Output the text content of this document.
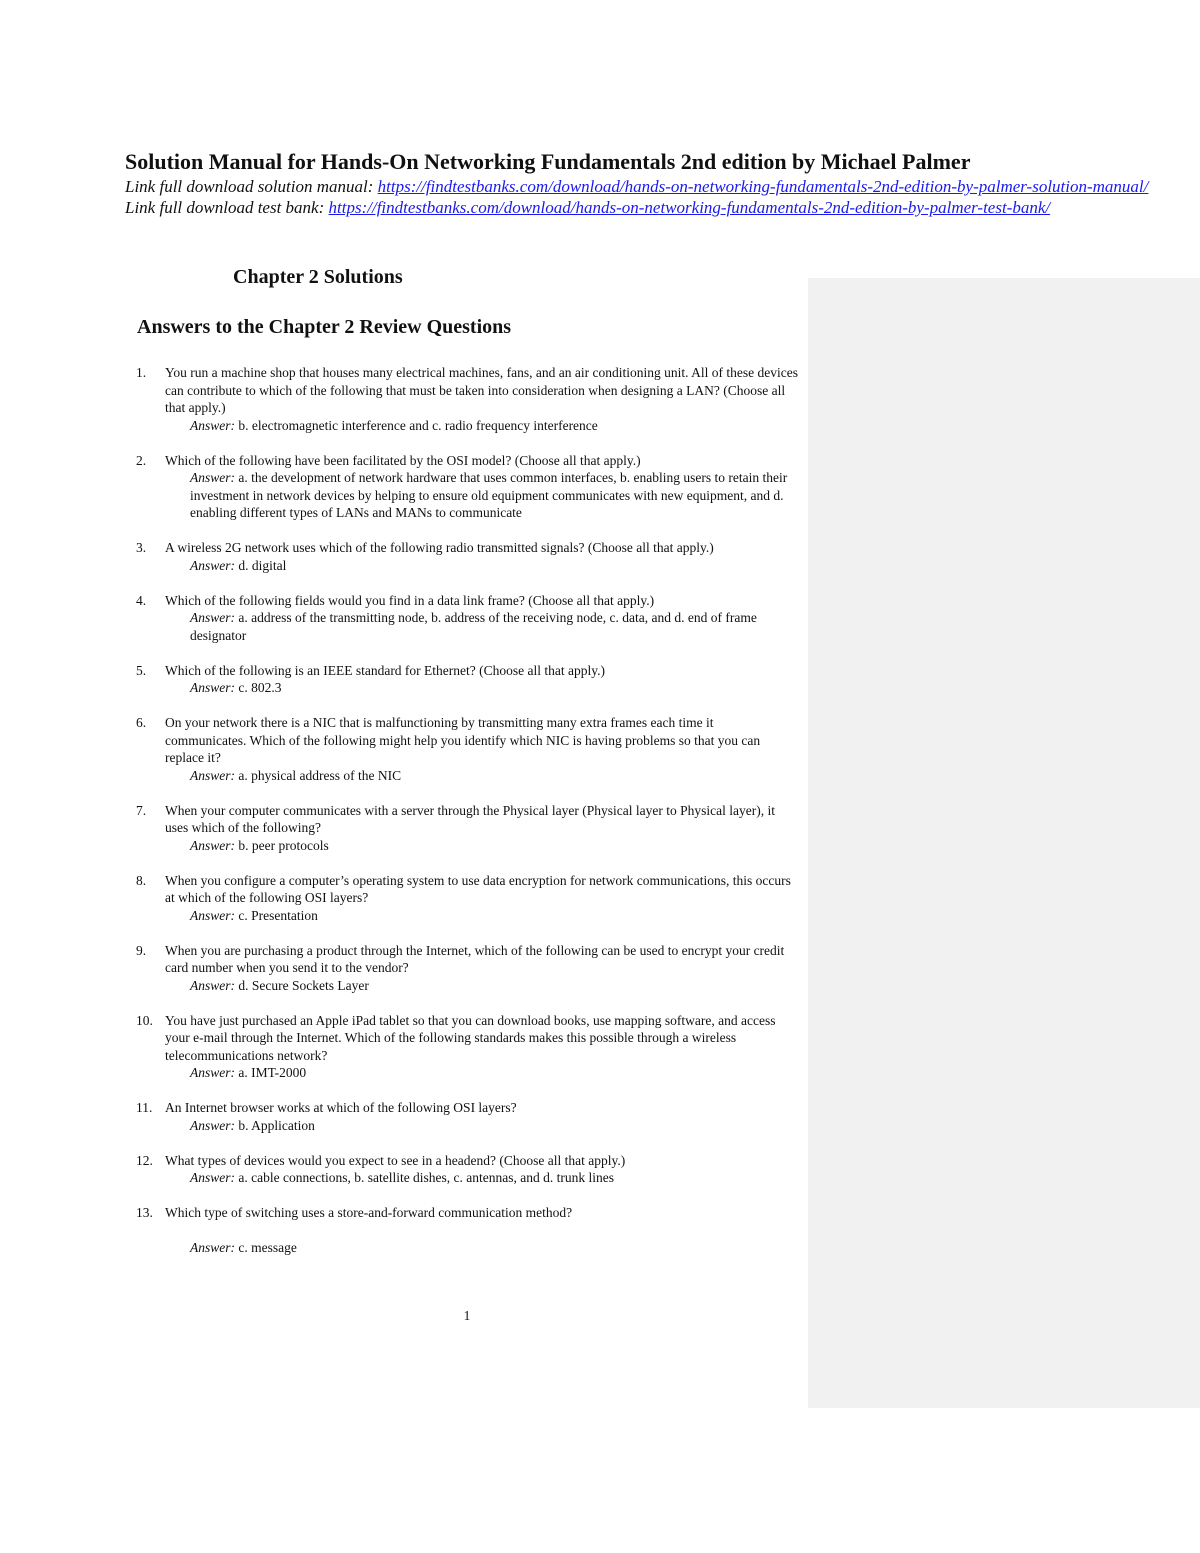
Solution Manual for Hands-On Networking Fundamentals 2nd edition by Michael Palmer

Link full download solution manual: https://findtestbanks.com/download/hands-on-networking-fundamentals-2nd-edition-by-palmer-solution-manual/

Link full download test bank: https://findtestbanks.com/download/hands-on-networking-fundamentals-2nd-edition-by-palmer-test-bank/

Chapter 2 Solutions
Answers to the Chapter 2 Review Questions
1. You run a machine shop that houses many electrical machines, fans, and an air conditioning unit. All of these devices can contribute to which of the following that must be taken into consideration when designing a LAN? (Choose all that apply.)
Answer: b. electromagnetic interference and c. radio frequency interference
2. Which of the following have been facilitated by the OSI model? (Choose all that apply.)
Answer: a. the development of network hardware that uses common interfaces, b. enabling users to retain their investment in network devices by helping to ensure old equipment communicates with new equipment, and d. enabling different types of LANs and MANs to communicate
3. A wireless 2G network uses which of the following radio transmitted signals? (Choose all that apply.)
Answer: d. digital
4. Which of the following fields would you find in a data link frame? (Choose all that apply.)
Answer: a. address of the transmitting node, b. address of the receiving node, c. data, and d. end of frame designator
5. Which of the following is an IEEE standard for Ethernet? (Choose all that apply.)
Answer: c. 802.3
6. On your network there is a NIC that is malfunctioning by transmitting many extra frames each time it communicates. Which of the following might help you identify which NIC is having problems so that you can replace it?
Answer: a. physical address of the NIC
7. When your computer communicates with a server through the Physical layer (Physical layer to Physical layer), it uses which of the following?
Answer: b. peer protocols
8. When you configure a computer’s operating system to use data encryption for network communications, this occurs at which of the following OSI layers?
Answer: c. Presentation
9. When you are purchasing a product through the Internet, which of the following can be used to encrypt your credit card number when you send it to the vendor?
Answer: d. Secure Sockets Layer
10. You have just purchased an Apple iPad tablet so that you can download books, use mapping software, and access your e-mail through the Internet. Which of the following standards makes this possible through a wireless telecommunications network?
Answer: a. IMT-2000
11. An Internet browser works at which of the following OSI layers?
Answer: b. Application
12. What types of devices would you expect to see in a headend? (Choose all that apply.)
Answer: a. cable connections, b. satellite dishes, c. antennas, and d. trunk lines
13. Which type of switching uses a store-and-forward communication method?
Answer: c. message
1
